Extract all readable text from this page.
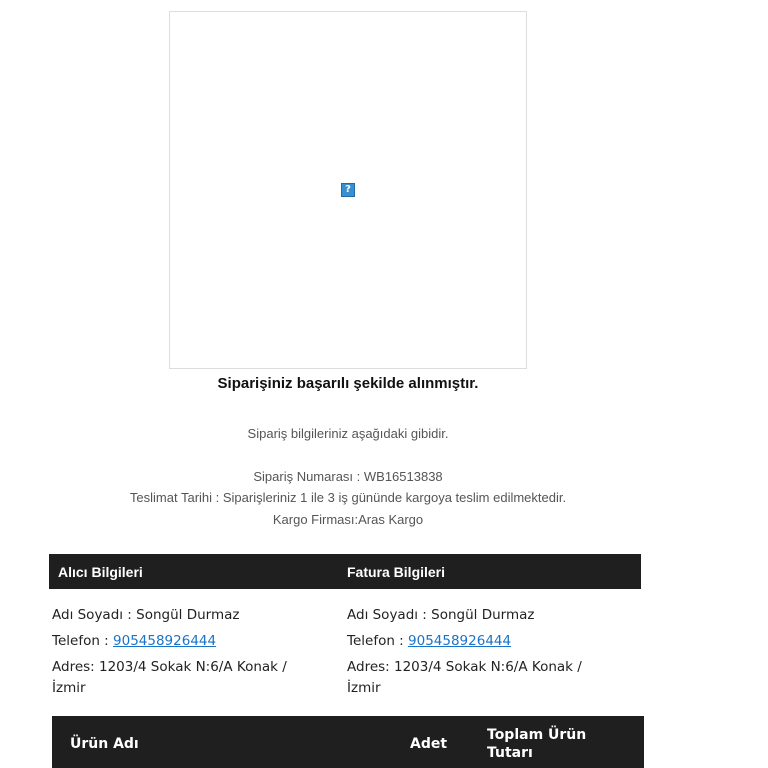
?
Siparişiniz başarılı şekilde alınmıştır.
Sipariş bilgileriniz aşağıdaki gibidir.
Sipariş Numarası : WB16513838
Teslimat Tarihi : Siparişleriniz 1 ile 3 iş gününde kargoya teslim edilmektedir.
Kargo Firması:Aras Kargo
Alıcı Bilgileri	Fatura Bilgileri
Adı Soyadı : Songül Durmaz
Telefon : 905458926444
Adres: 1203/4 Sokak N:6/A Konak /
İzmir
Adı Soyadı : Songül Durmaz
Telefon : 905458926444
Adres: 1203/4 Sokak N:6/A Konak /
İzmir
Ürün Adı	Adet
Toplam Ürün
Tutarı
